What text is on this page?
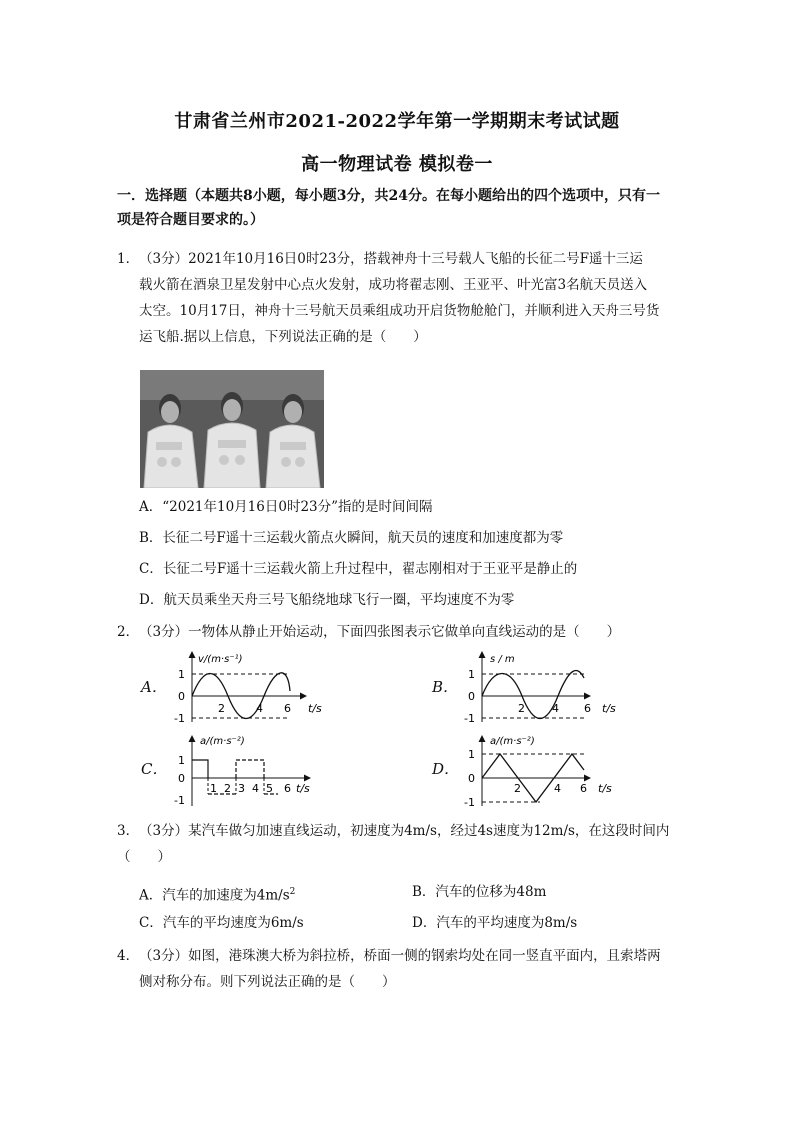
甘肃省兰州市2021-2022学年第一学期期末考试试题
高一物理试卷 模拟卷一
一．选择题（本题共8小题，每小题3分，共24分。在每小题给出的四个选项中，只有一
项是符合题目要求的。）
1． （3分）2021年10月16日0时23分，搭载神舟十三号载人飞船的长征二号F遥十三运
载火箭在酒泉卫星发射中心点火发射，成功将翟志刚、王亚平、叶光富3名航天员送入
太空。10月17日，神舟十三号航天员乘组成功开启货物舱舱门，并顺利进入天舟三号货
运飞船.据以上信息，下列说法正确的是（　　）
A．“2021年10月16日0时23分”指的是时间间隔
B．长征二号F遥十三运载火箭点火瞬间，航天员的速度和加速度都为零
C．长征二号F遥十三运载火箭上升过程中，翟志刚相对于王亚平是静止的
D．航天员乘坐天舟三号飞船绕地球飞行一圈，平均速度不为零
2． （3分）一物体从静止开始运动，下面四张图表示它做单向直线运动的是（　　）
A．	B．
C．	D．
v/(m·s⁻¹)
1
0
-1
2	4 6 t/s
s / m
1
0
-1
2 4 6 t/s
a/(m·s⁻²)
1
0
-1
1 2 3 4 5 6 t/s
a/(m·s⁻²)
1
0
-1
2	4 6 t/s
3． （3分）某汽车做匀加速直线运动，初速度为4m/s，经过4s速度为12m/s，在这段时间内
（　　）
A．汽车的加速度为$4m/s^2$	B．汽车的位移为48m
C．汽车的平均速度为6m/s	D．汽车的平均速度为8m/s
4． （3分）如图，港珠澳大桥为斜拉桥，桥面一侧的钢索均处在同一竖直平面内，且索塔两
侧对称分布。则下列说法正确的是（　　）
